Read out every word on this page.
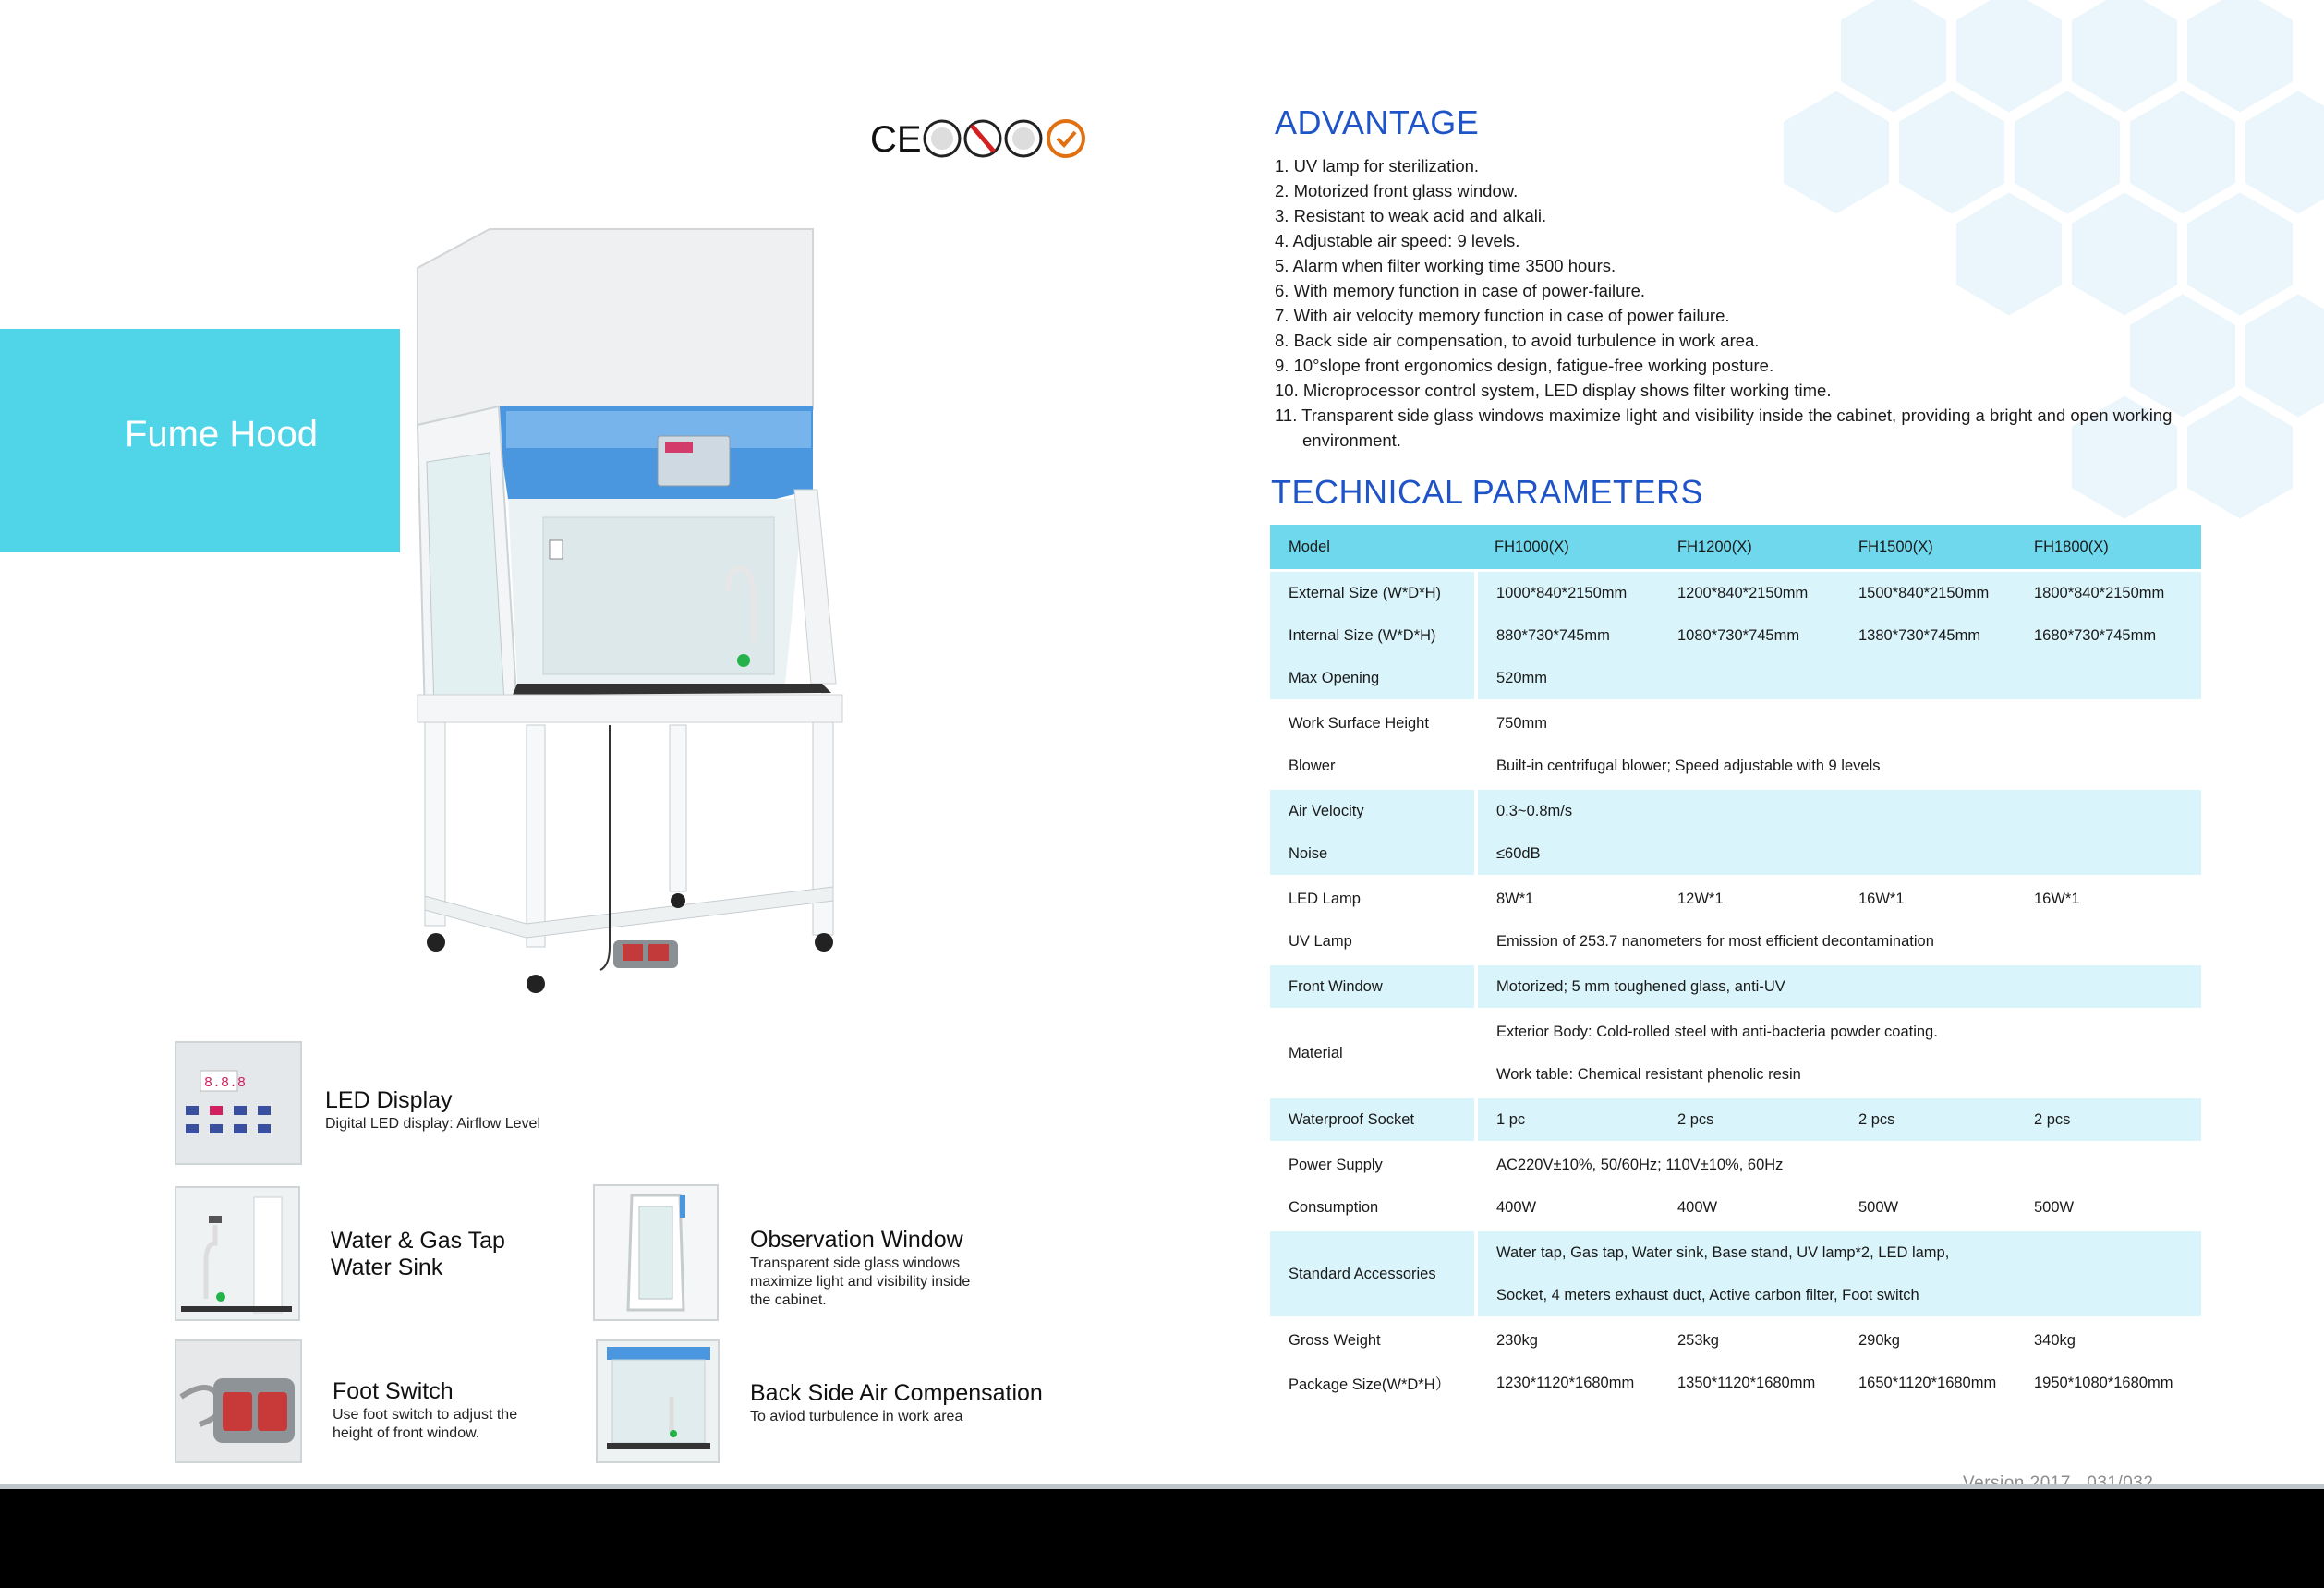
Fume Hood
CE
8.8.8
LED Display
Digital LED display: Airflow Level
Water & Gas Tap
Water Sink
Observation Window
Transparent side glass windows
maximize light and visibility inside
the cabinet.
Foot Switch
Use foot switch to adjust the
height of front window.
Back Side Air Compensation
To aviod turbulence in work area
ADVANTAGE
1. UV lamp for sterilization.
2. Motorized front glass window.
3. Resistant to weak acid and alkali.
4. Adjustable air speed: 9 levels.
5. Alarm when filter working time 3500 hours.
6. With memory function in case of power-failure.
7. With air velocity memory function in case of power failure.
8. Back side air compensation, to avoid turbulence in work area.
9. 10°slope front ergonomics design, fatigue-free working posture.
10. Microprocessor control system, LED display shows filter working time.
11. Transparent side glass windows maximize light and visibility inside the cabinet, providing a bright and open working environment.
TECHNICAL PARAMETERS
Model	FH1000(X)	FH1200(X)	FH1500(X)	FH1800(X)
External Size (W*D*H)	1000*840*2150mm	1200*840*2150mm	1500*840*2150mm	1800*840*2150mm
Internal Size (W*D*H)	880*730*745mm	1080*730*745mm	1380*730*745mm	1680*730*745mm
Max Opening	520mm			
Work Surface Height	750mm			
Blower	Built-in centrifugal blower; Speed adjustable with 9 levels			
Air Velocity	0.3~0.8m/s			
Noise	≤60dB			
LED Lamp	8W*1	12W*1	16W*1	16W*1
UV Lamp	Emission of 253.7 nanometers for most efficient decontamination			
Front Window	Motorized; 5 mm toughened glass, anti-UV			
Material	Exterior Body: Cold-rolled steel with anti-bacteria powder coating.			
	Work table: Chemical resistant phenolic resin			
Waterproof Socket	1 pc	2 pcs	2 pcs	2 pcs
Power Supply	AC220V±10%, 50/60Hz; 110V±10%, 60Hz			
Consumption	400W	400W	500W	500W
Standard Accessories	Water tap, Gas tap, Water sink, Base stand, UV lamp*2, LED lamp,			
	Socket, 4 meters exhaust duct, Active carbon filter, Foot switch			
Gross Weight	230kg	253kg	290kg	340kg
Package Size(W*D*H）	1230*1120*1680mm	1350*1120*1680mm	1650*1120*1680mm	1950*1080*1680mm
